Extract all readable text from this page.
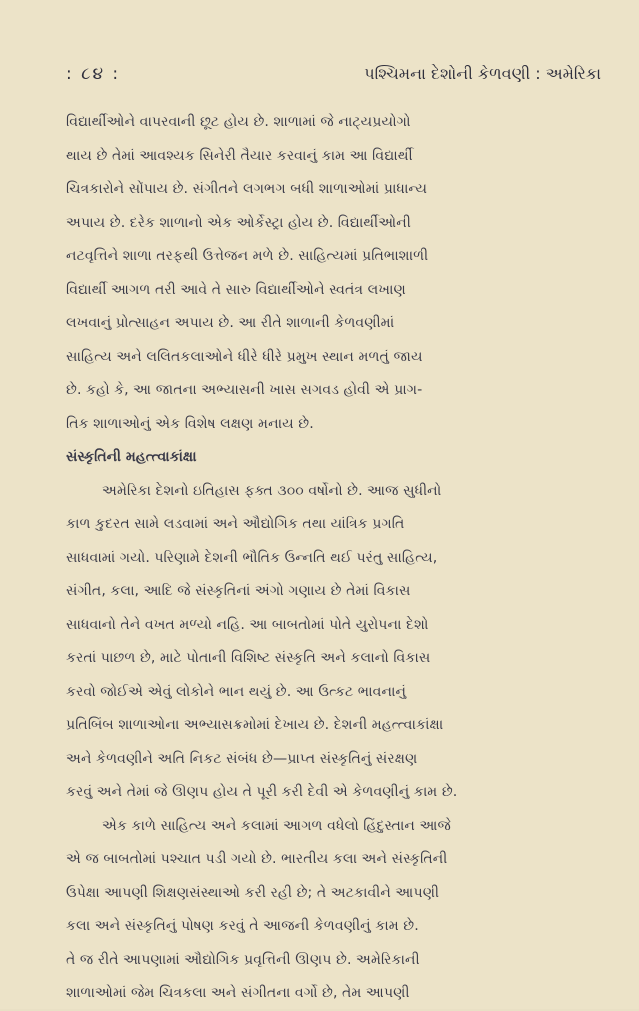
: ૮૪ :	પશ્ચિમના દેશોની કેળવણી : અમેરિકા
વિદ્યાર્થીઓને વાપરવાની છૂટ હોય છે. શાળામાં જે નાટ્યપ્રયોગો
થાય છે તેમાં આવશ્યક સિનેરી તૈયાર કરવાનું કામ આ વિદ્યાર્થી
ચિત્રકારોને સોંપાય છે. સંગીતને લગભગ બધી શાળાઓમાં પ્રાધાન્ય
અપાય છે. દરેક શાળાનો એક ઓર્કેસ્ટ્રા હોય છે. વિદ્યાર્થીઓની
નટવૃત્તિને શાળા તરફથી ઉત્તેજન મળે છે. સાહિત્યમાં પ્રતિભાશાળી
વિદ્યાર્થી આગળ તરી આવે તે સારુ વિદ્યાર્થીઓને સ્વતંત્ર લખાણ
લખવાનું પ્રોત્સાહન અપાય છે. આ રીતે શાળાની કેળવણીમાં
સાહિત્ય અને લલિતકલાઓને ધીરે ધીરે પ્રમુખ સ્થાન મળતું જાય
છે. કહો કે, આ જાતના અભ્યાસની ખાસ સગવડ હોવી એ પ્રાગ-
તિક શાળાઓનું એક વિશેષ લક્ષણ મનાય છે.
સંસ્કૃતિની મહત્ત્વાકાંક્ષા
અમેરિકા દેશનો ઇતિહાસ ફક્ત ૩૦૦ વર્ષોનો છે. આજ સુધીનો
કાળ કુદરત સામે લડવામાં અને ઔદ્યોગિક તથા યાંત્રિક પ્રગતિ
સાધવામાં ગયો. પરિણામે દેશની ભૌતિક ઉન્નતિ થઈ પરંતુ સાહિત્ય,
સંગીત, કલા, આદિ જે સંસ્કૃતિનાં અંગો ગણાય છે તેમાં વિકાસ
સાધવાનો તેને વખત મળ્યો નહિ. આ બાબતોમાં પોતે યુરોપના દેશો
કરતાં પાછળ છે, માટે પોતાની વિશિષ્ટ સંસ્કૃતિ અને કલાનો વિકાસ
કરવો જોઈએ એવું લોકોને ભાન થયું છે. આ ઉત્કટ ભાવનાનું
પ્રતિબિંબ શાળાઓના અભ્યાસક્રમોમાં દેખાય છે. દેશની મહત્ત્વાકાંક્ષા
અને કેળવણીને અતિ નિકટ સંબંધ છે—પ્રાપ્ત સંસ્કૃતિનું સંરક્ષણ
કરવું અને તેમાં જે ઊણપ હોય તે પૂરી કરી દેવી એ કેળવણીનું કામ છે.
એક કાળે સાહિત્ય અને કલામાં આગળ વધેલો હિંદુસ્તાન આજે
એ જ બાબતોમાં પશ્ચાત પડી ગયો છે. ભારતીય કલા અને સંસ્કૃતિની
ઉપેક્ષા આપણી શિક્ષણસંસ્થાઓ કરી રહી છે; તે અટકાવીને આપણી
કલા અને સંસ્કૃતિનું પોષણ કરવું તે આજની કેળવણીનું કામ છે.
તે જ રીતે આપણામાં ઔદ્યોગિક પ્રવૃત્તિની ઊણપ છે. અમેરિકાની
શાળાઓમાં જેમ ચિત્રકલા અને સંગીતના વર્ગો છે, તેમ આપણી
